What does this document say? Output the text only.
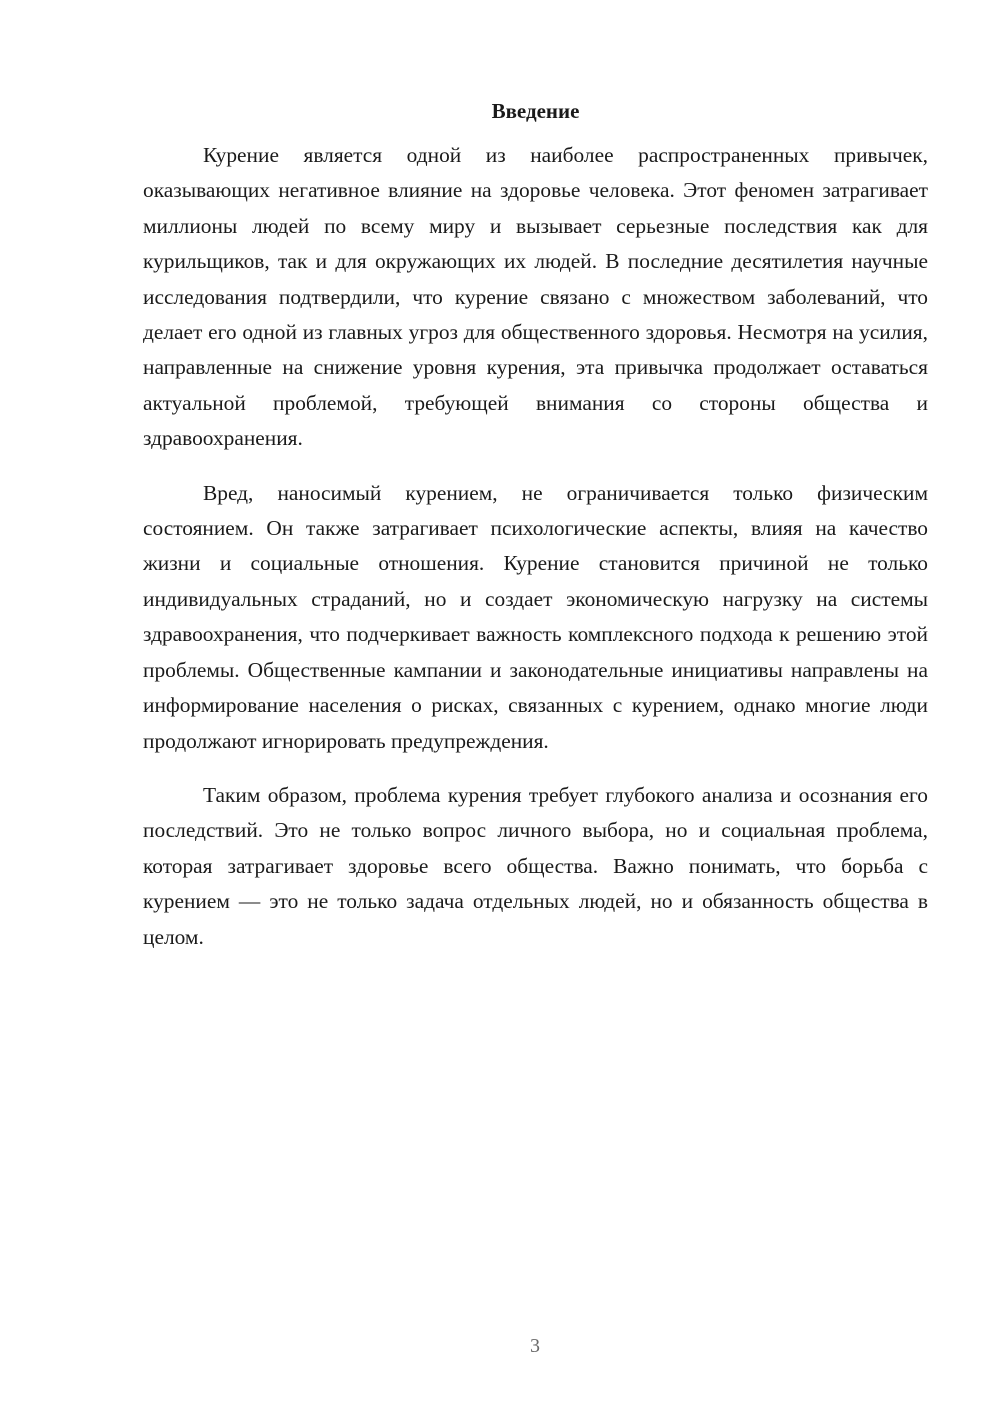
Введение

Курение является одной из наиболее распространенных привычек, оказывающих негативное влияние на здоровье человека. Этот феномен затрагивает миллионы людей по всему миру и вызывает серьезные последствия как для курильщиков, так и для окружающих их людей. В последние десятилетия научные исследования подтвердили, что курение связано с множеством заболеваний, что делает его одной из главных угроз для общественного здоровья. Несмотря на усилия, направленные на снижение уровня курения, эта привычка продолжает оставаться актуальной проблемой, требующей внимания со стороны общества и здравоохранения.

Вред, наносимый курением, не ограничивается только физическим состоянием. Он также затрагивает психологические аспекты, влияя на качество жизни и социальные отношения. Курение становится причиной не только индивидуальных страданий, но и создает экономическую нагрузку на системы здравоохранения, что подчеркивает важность комплексного подхода к решению этой проблемы. Общественные кампании и законодательные инициативы направлены на информирование населения о рисках, связанных с курением, однако многие люди продолжают игнорировать предупреждения.

Таким образом, проблема курения требует глубокого анализа и осознания его последствий. Это не только вопрос личного выбора, но и социальная проблема, которая затрагивает здоровье всего общества. Важно понимать, что борьба с курением — это не только задача отдельных людей, но и обязанность общества в целом.

3
